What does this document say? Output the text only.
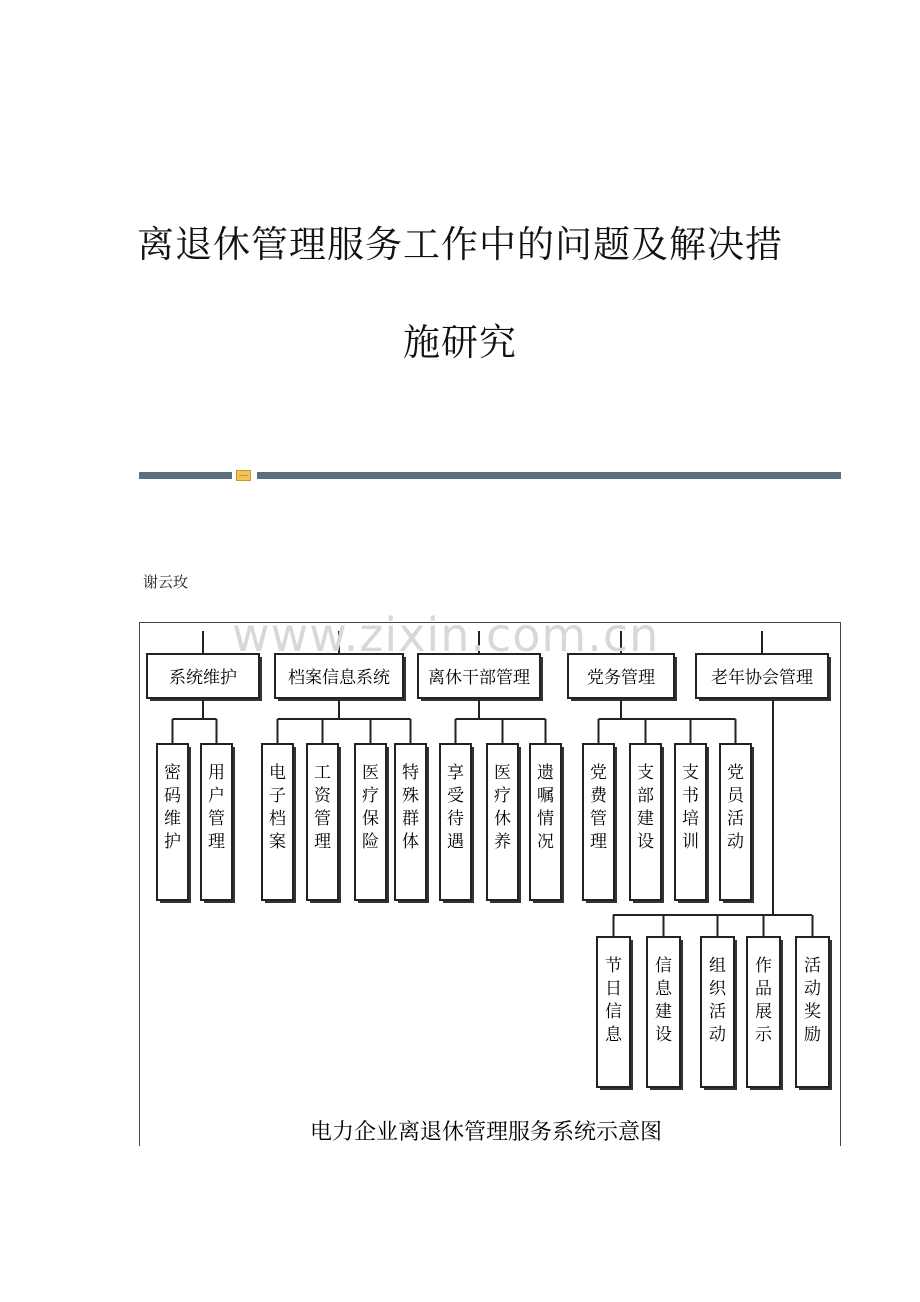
离退休管理服务工作中的问题及解决措
施研究
谢云玫
系统维护	档案信息系统 离休干部管理	党务管理	老年协会管理
密
码
维
护
用
户
管
理
电
子
档
案
工
资
管
理
医
疗
保
险
特
殊
群
体
享
受
待
遇
医
疗
休
养
遗
嘱
情
况
党
费
管
理
支
部
建
设
支
书
培
训
党
员
活
动
节
日
信
息
信
息
建
设
组
织
活
动
作
品
展
示
活
动
奖
励
电力企业离退休管理服务系统示意图
www.zixin.com.cn
